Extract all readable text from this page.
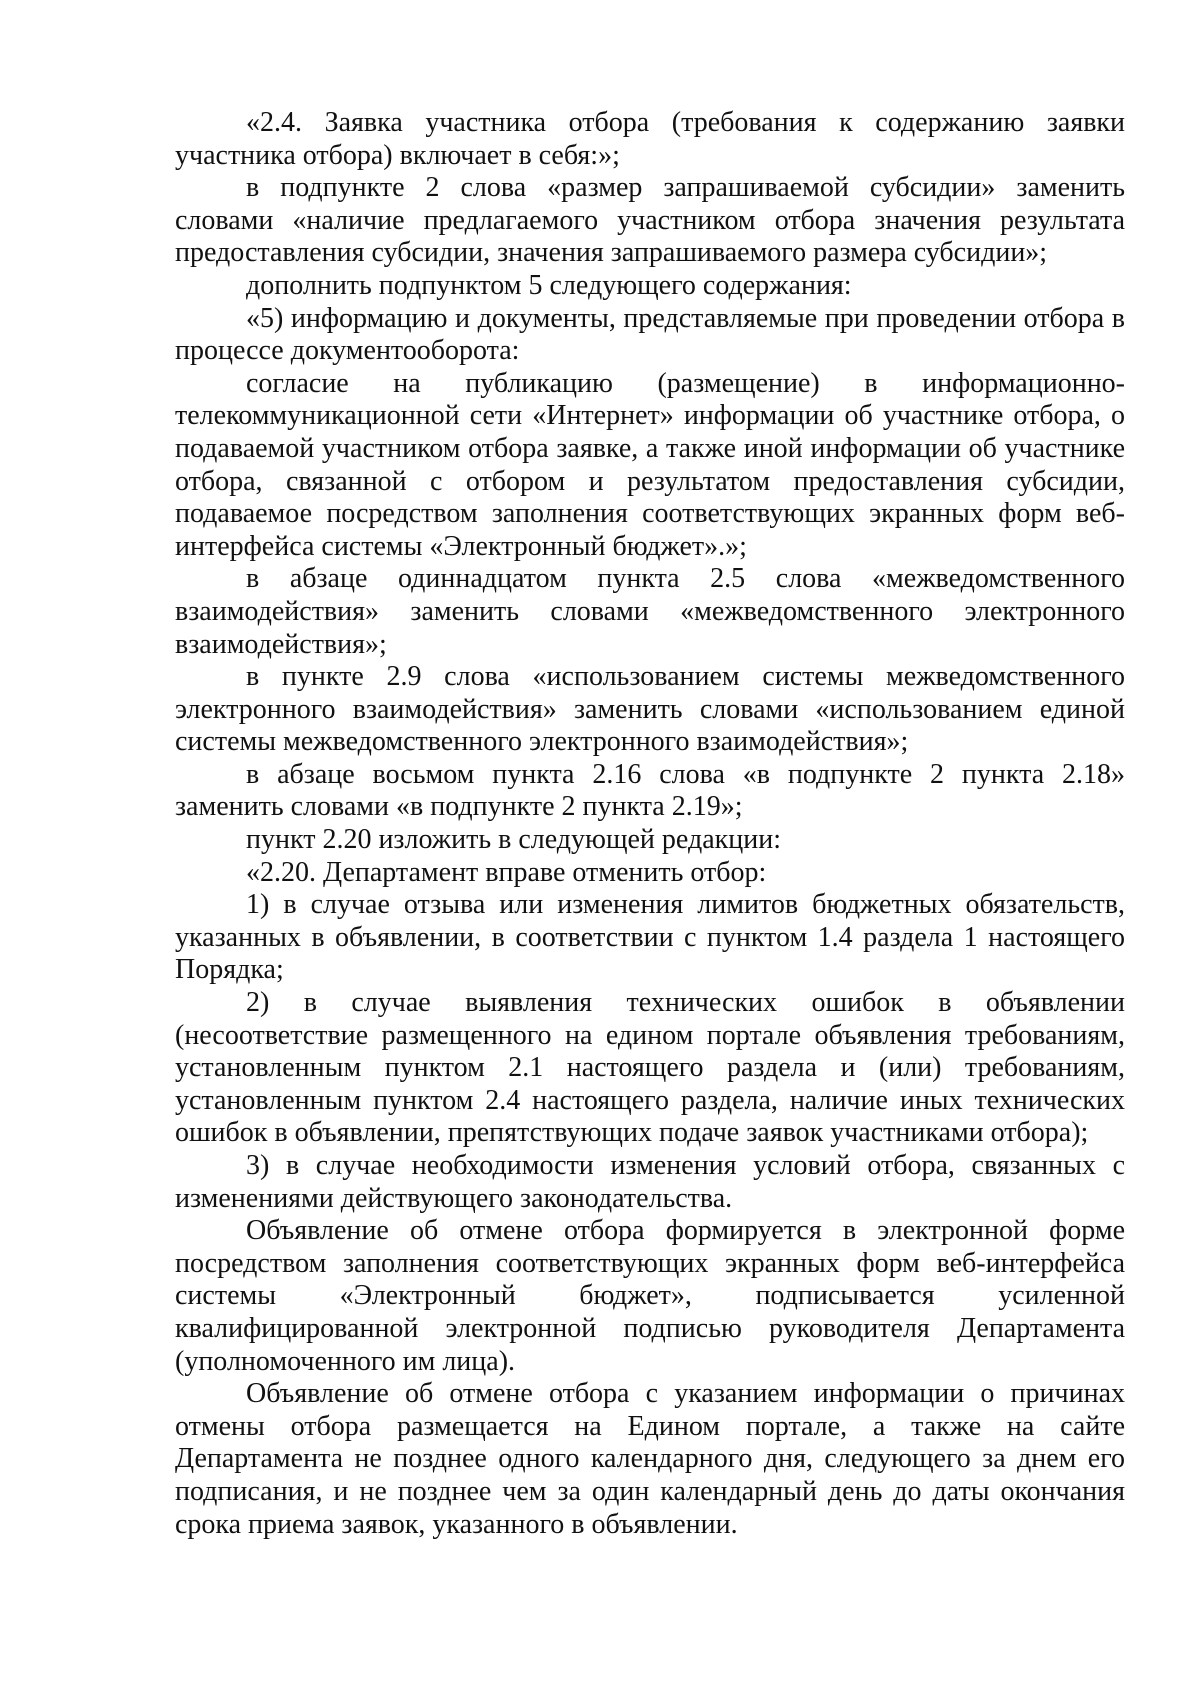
«2.4. Заявка участника отбора (требования к содержанию заявки участника отбора) включает в себя:»;

в подпункте 2 слова «размер запрашиваемой субсидии» заменить словами «наличие предлагаемого участником отбора значения результата предоставления субсидии, значения запрашиваемого размера субсидии»;

дополнить подпунктом 5 следующего содержания:

«5) информацию и документы, представляемые при проведении отбора в процессе документооборота:

согласие на публикацию (размещение) в информационно-телекоммуникационной сети «Интернет» информации об участнике отбора, о подаваемой участником отбора заявке, а также иной информации об участнике отбора, связанной с отбором и результатом предоставления субсидии, подаваемое посредством заполнения соответствующих экранных форм веб-интерфейса системы «Электронный бюджет».»;

в абзаце одиннадцатом пункта 2.5 слова «межведомственного взаимодействия» заменить словами «межведомственного электронного взаимодействия»;

в пункте 2.9 слова «использованием системы межведомственного электронного взаимодействия» заменить словами «использованием единой системы межведомственного электронного взаимодействия»;

в абзаце восьмом пункта 2.16 слова «в подпункте 2 пункта 2.18» заменить словами «в подпункте 2 пункта 2.19»;

пункт 2.20 изложить в следующей редакции:

«2.20. Департамент вправе отменить отбор:

1) в случае отзыва или изменения лимитов бюджетных обязательств, указанных в объявлении, в соответствии с пунктом 1.4 раздела 1 настоящего Порядка;

2) в случае выявления технических ошибок в объявлении (несоответствие размещенного на едином портале объявления требованиям, установленным пунктом 2.1 настоящего раздела и (или) требованиям, установленным пунктом 2.4 настоящего раздела, наличие иных технических ошибок в объявлении, препятствующих подаче заявок участниками отбора);

3) в случае необходимости изменения условий отбора, связанных с изменениями действующего законодательства.

Объявление об отмене отбора формируется в электронной форме посредством заполнения соответствующих экранных форм веб-интерфейса системы «Электронный бюджет», подписывается усиленной квалифицированной электронной подписью руководителя Департамента (уполномоченного им лица).

Объявление об отмене отбора с указанием информации о причинах отмены отбора размещается на Едином портале, а также на сайте Департамента не позднее одного календарного дня, следующего за днем его подписания, и не позднее чем за один календарный день до даты окончания срока приема заявок, указанного в объявлении.
